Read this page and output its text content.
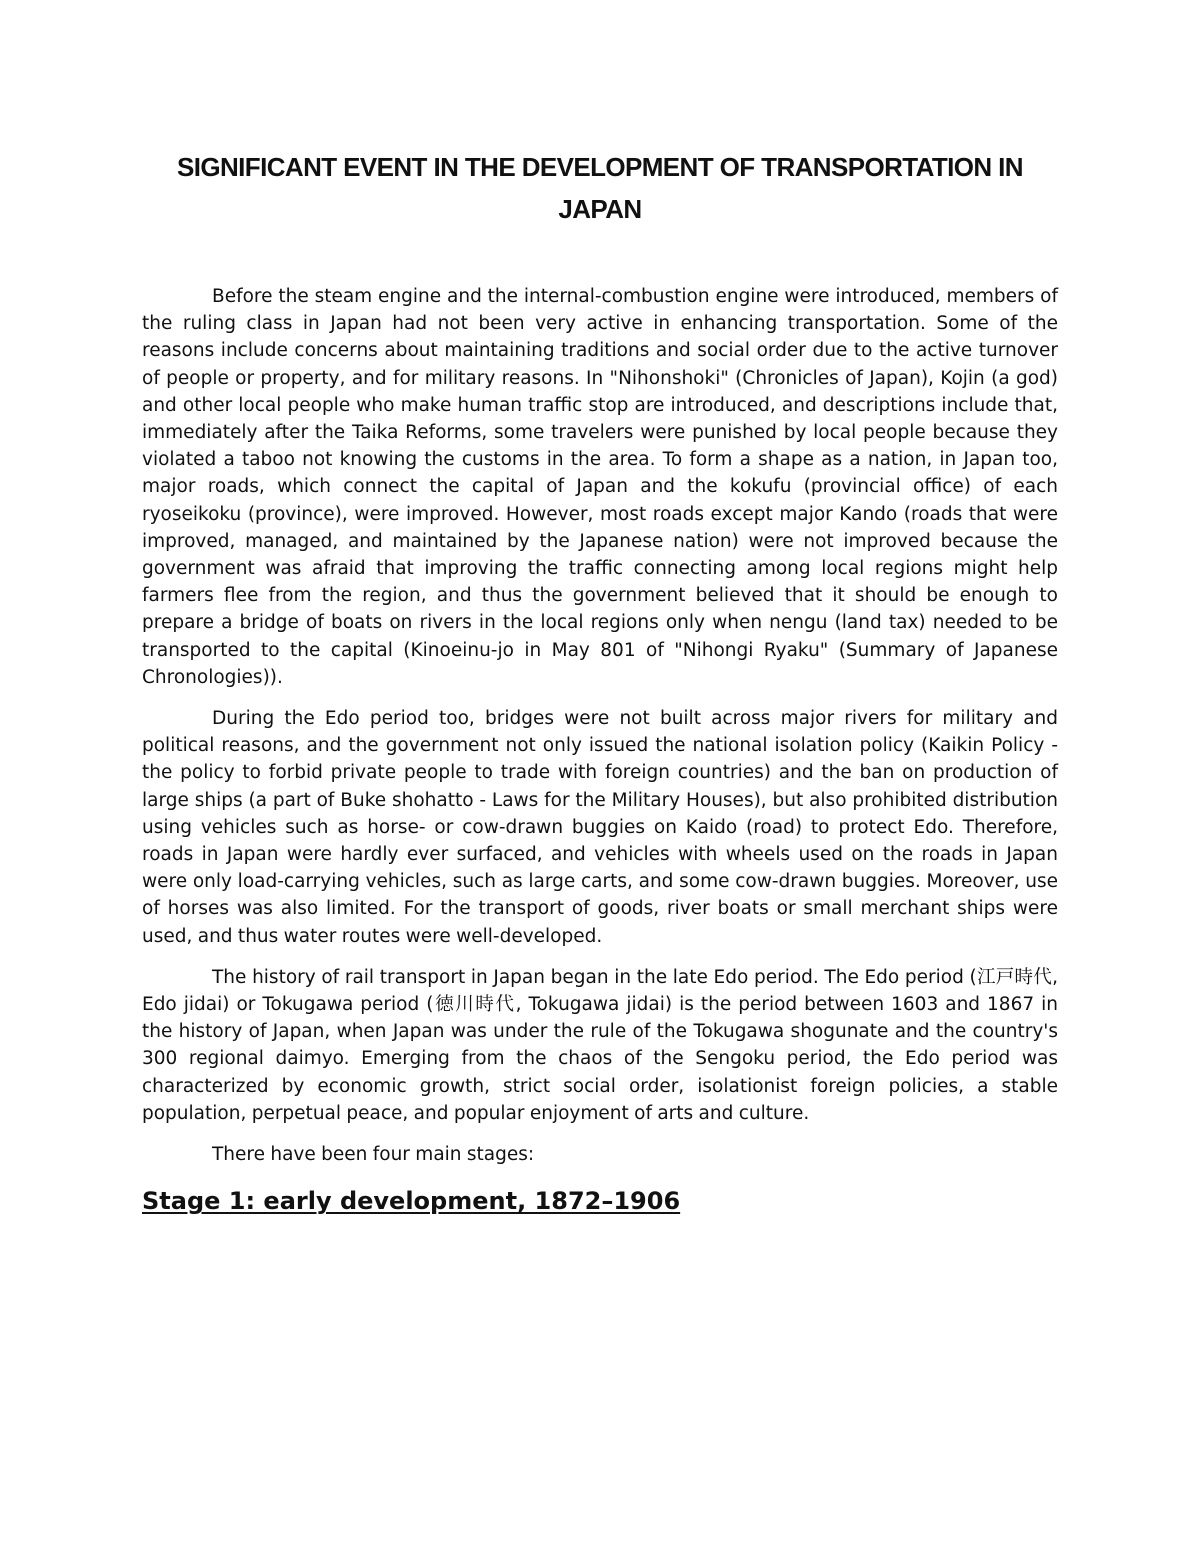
SIGNIFICANT EVENT IN THE DEVELOPMENT OF TRANSPORTATION IN JAPAN

Before the steam engine and the internal-combustion engine were introduced, members of the ruling class in Japan had not been very active in enhancing transportation. Some of the reasons include concerns about maintaining traditions and social order due to the active turnover of people or property, and for military reasons. In "Nihonshoki" (Chronicles of Japan), Kojin (a god) and other local people who make human traffic stop are introduced, and descriptions include that, immediately after the Taika Reforms, some travelers were punished by local people because they violated a taboo not knowing the customs in the area. To form a shape as a nation, in Japan too, major roads, which connect the capital of Japan and the kokufu (provincial office) of each ryoseikoku (province), were improved. However, most roads except major Kando (roads that were improved, managed, and maintained by the Japanese nation) were not improved because the government was afraid that improving the traffic connecting among local regions might help farmers flee from the region, and thus the government believed that it should be enough to prepare a bridge of boats on rivers in the local regions only when nengu (land tax) needed to be transported to the capital (Kinoeinu-jo in May 801 of "Nihongi Ryaku" (Summary of Japanese Chronologies)).

During the Edo period too, bridges were not built across major rivers for military and political reasons, and the government not only issued the national isolation policy (Kaikin Policy - the policy to forbid private people to trade with foreign countries) and the ban on production of large ships (a part of Buke shohatto - Laws for the Military Houses), but also prohibited distribution using vehicles such as horse- or cow-drawn buggies on Kaido (road) to protect Edo. Therefore, roads in Japan were hardly ever surfaced, and vehicles with wheels used on the roads in Japan were only load-carrying vehicles, such as large carts, and some cow-drawn buggies. Moreover, use of horses was also limited. For the transport of goods, river boats or small merchant ships were used, and thus water routes were well-developed.

The history of rail transport in Japan began in the late Edo period. The Edo period (江戸時代, Edo jidai) or Tokugawa period (徳川時代, Tokugawa jidai) is the period between 1603 and 1867 in the history of Japan, when Japan was under the rule of the Tokugawa shogunate and the country's 300 regional daimyo. Emerging from the chaos of the Sengoku period, the Edo period was characterized by economic growth, strict social order, isolationist foreign policies, a stable population, perpetual peace, and popular enjoyment of arts and culture.

There have been four main stages:

Stage 1: early development, 1872–1906
